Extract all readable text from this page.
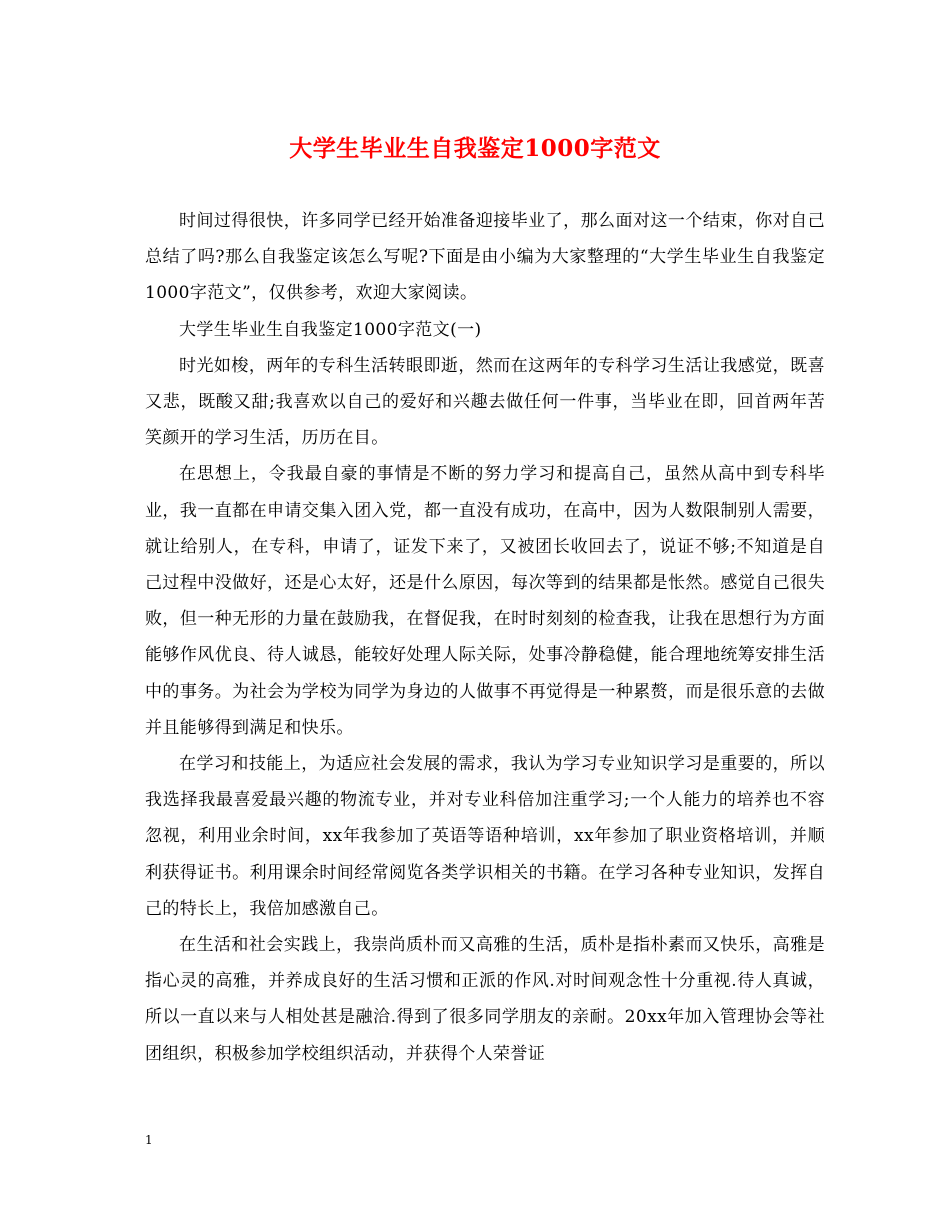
大学生毕业生自我鉴定1000字范文

时间过得很快，许多同学已经开始准备迎接毕业了，那么面对这一个结束，你对自己总结了吗?那么自我鉴定该怎么写呢?下面是由小编为大家整理的“大学生毕业生自我鉴定1000字范文”，仅供参考，欢迎大家阅读。

大学生毕业生自我鉴定1000字范文(一)

时光如梭，两年的专科生活转眼即逝，然而在这两年的专科学习生活让我感觉，既喜又悲，既酸又甜;我喜欢以自己的爱好和兴趣去做任何一件事，当毕业在即，回首两年苦笑颜开的学习生活，历历在目。

在思想上，令我最自豪的事情是不断的努力学习和提高自己，虽然从高中到专科毕业，我一直都在申请交集入团入党，都一直没有成功，在高中，因为人数限制别人需要，就让给别人，在专科，申请了，证发下来了，又被团长收回去了，说证不够;不知道是自己过程中没做好，还是心太好，还是什么原因，每次等到的结果都是怅然。感觉自己很失败，但一种无形的力量在鼓励我，在督促我，在时时刻刻的检查我，让我在思想行为方面能够作风优良、待人诚恳，能较好处理人际关际，处事冷静稳健，能合理地统筹安排生活中的事务。为社会为学校为同学为身边的人做事不再觉得是一种累赘，而是很乐意的去做并且能够得到满足和快乐。

在学习和技能上，为适应社会发展的需求，我认为学习专业知识学习是重要的，所以我选择我最喜爱最兴趣的物流专业，并对专业科倍加注重学习;一个人能力的培养也不容忽视，利用业余时间，xx年我参加了英语等语种培训，xx年参加了职业资格培训，并顺利获得证书。利用课余时间经常阅览各类学识相关的书籍。在学习各种专业知识，发挥自己的特长上，我倍加感激自己。

在生活和社会实践上，我崇尚质朴而又高雅的生活，质朴是指朴素而又快乐，高雅是指心灵的高雅，并养成良好的生活习惯和正派的作风.对时间观念性十分重视.待人真诚，所以一直以来与人相处甚是融洽.得到了很多同学朋友的亲耐。20xx年加入管理协会等社团组织，积极参加学校组织活动，并获得个人荣誉证

1
